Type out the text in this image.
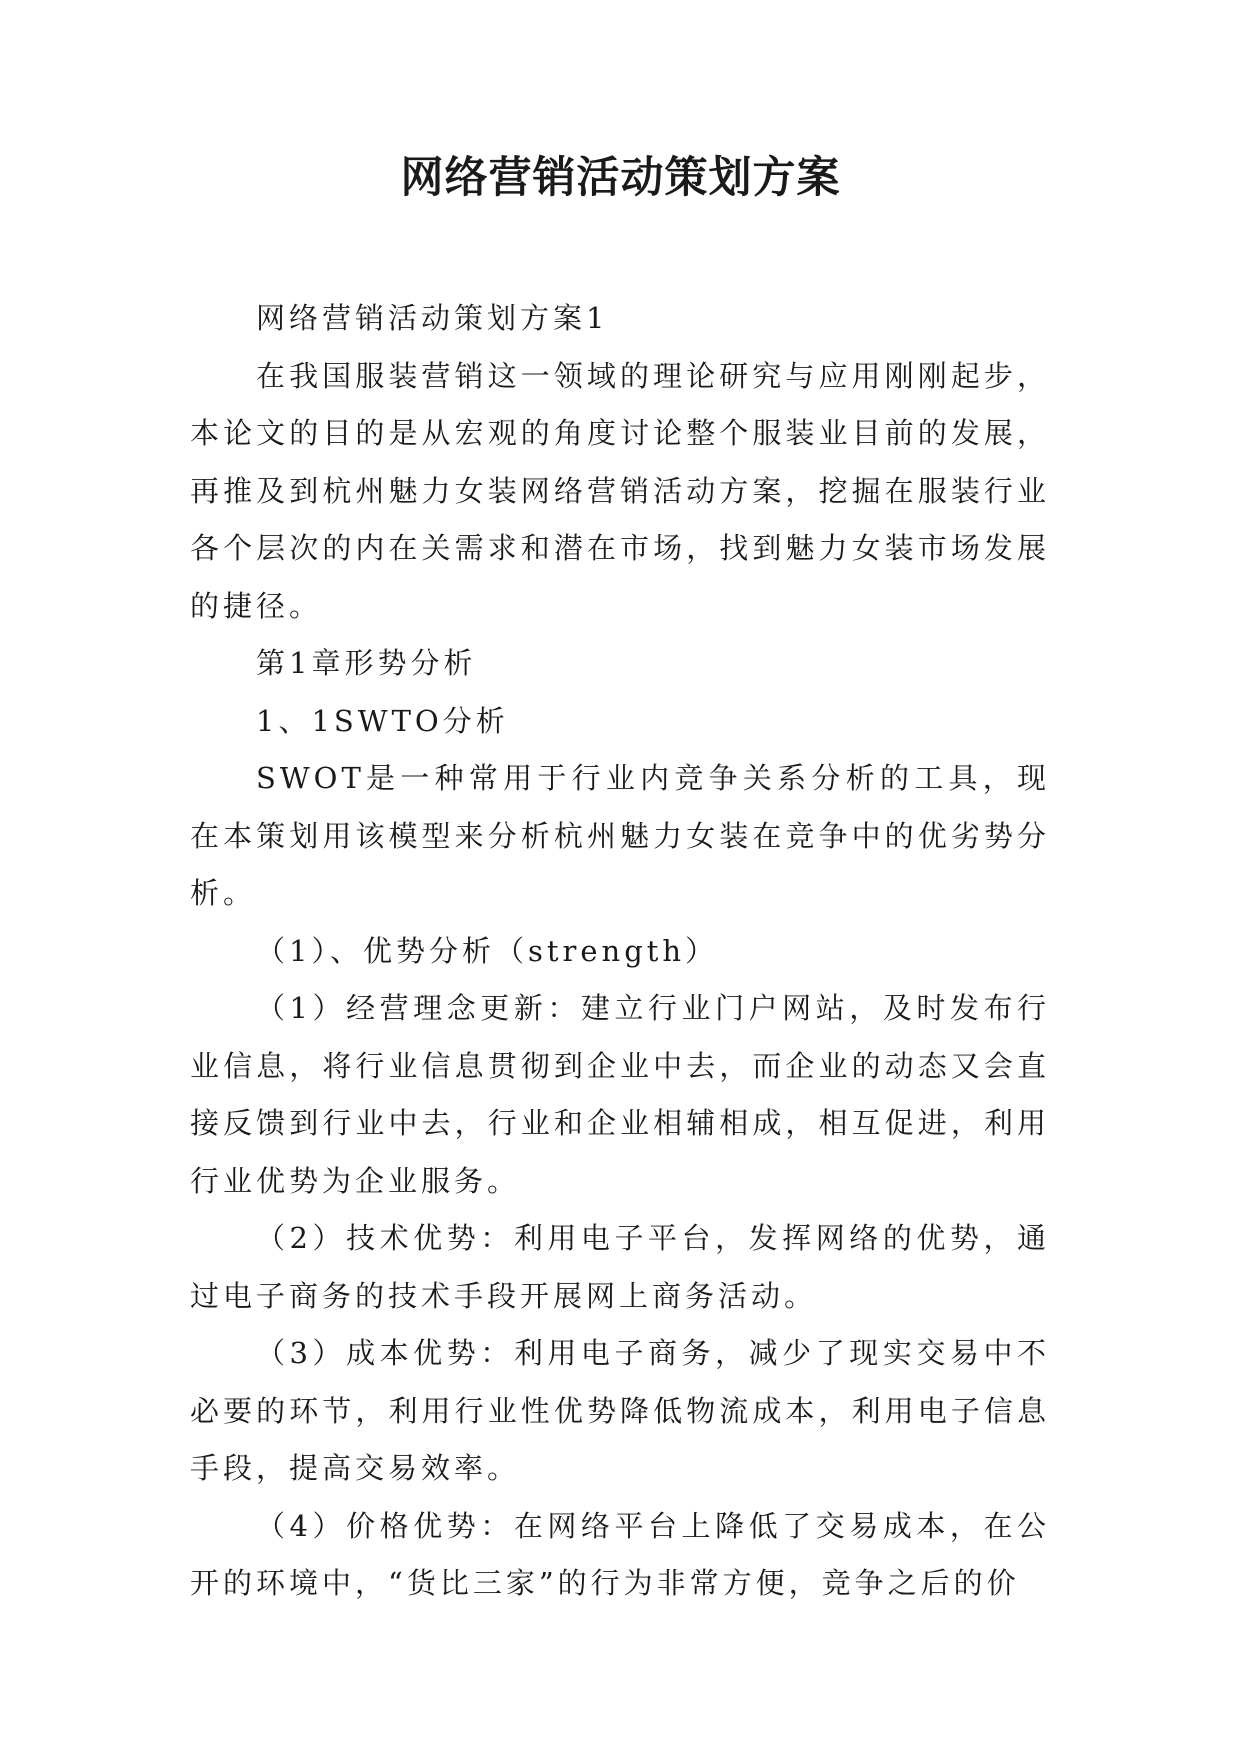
网络营销活动策划方案

网络营销活动策划方案1

在我国服装营销这一领域的理论研究与应用刚刚起步，本论文的目的是从宏观的角度讨论整个服装业目前的发展，再推及到杭州魅力女装网络营销活动方案，挖掘在服装行业各个层次的内在关需求和潜在市场，找到魅力女装市场发展的捷径。

第1章形势分析

1、1SWTO分析

SWOT是一种常用于行业内竞争关系分析的工具，现在本策划用该模型来分析杭州魅力女装在竞争中的优劣势分析。

（1）、优势分析（strength）

（1）经营理念更新：建立行业门户网站，及时发布行业信息，将行业信息贯彻到企业中去，而企业的动态又会直接反馈到行业中去，行业和企业相辅相成，相互促进，利用行业优势为企业服务。

（2）技术优势：利用电子平台，发挥网络的优势，通过电子商务的技术手段开展网上商务活动。

（3）成本优势：利用电子商务，减少了现实交易中不必要的环节，利用行业性优势降低物流成本，利用电子信息手段，提高交易效率。

（4）价格优势：在网络平台上降低了交易成本，在公开的环境中，“货比三家”的行为非常方便，竞争之后的价
